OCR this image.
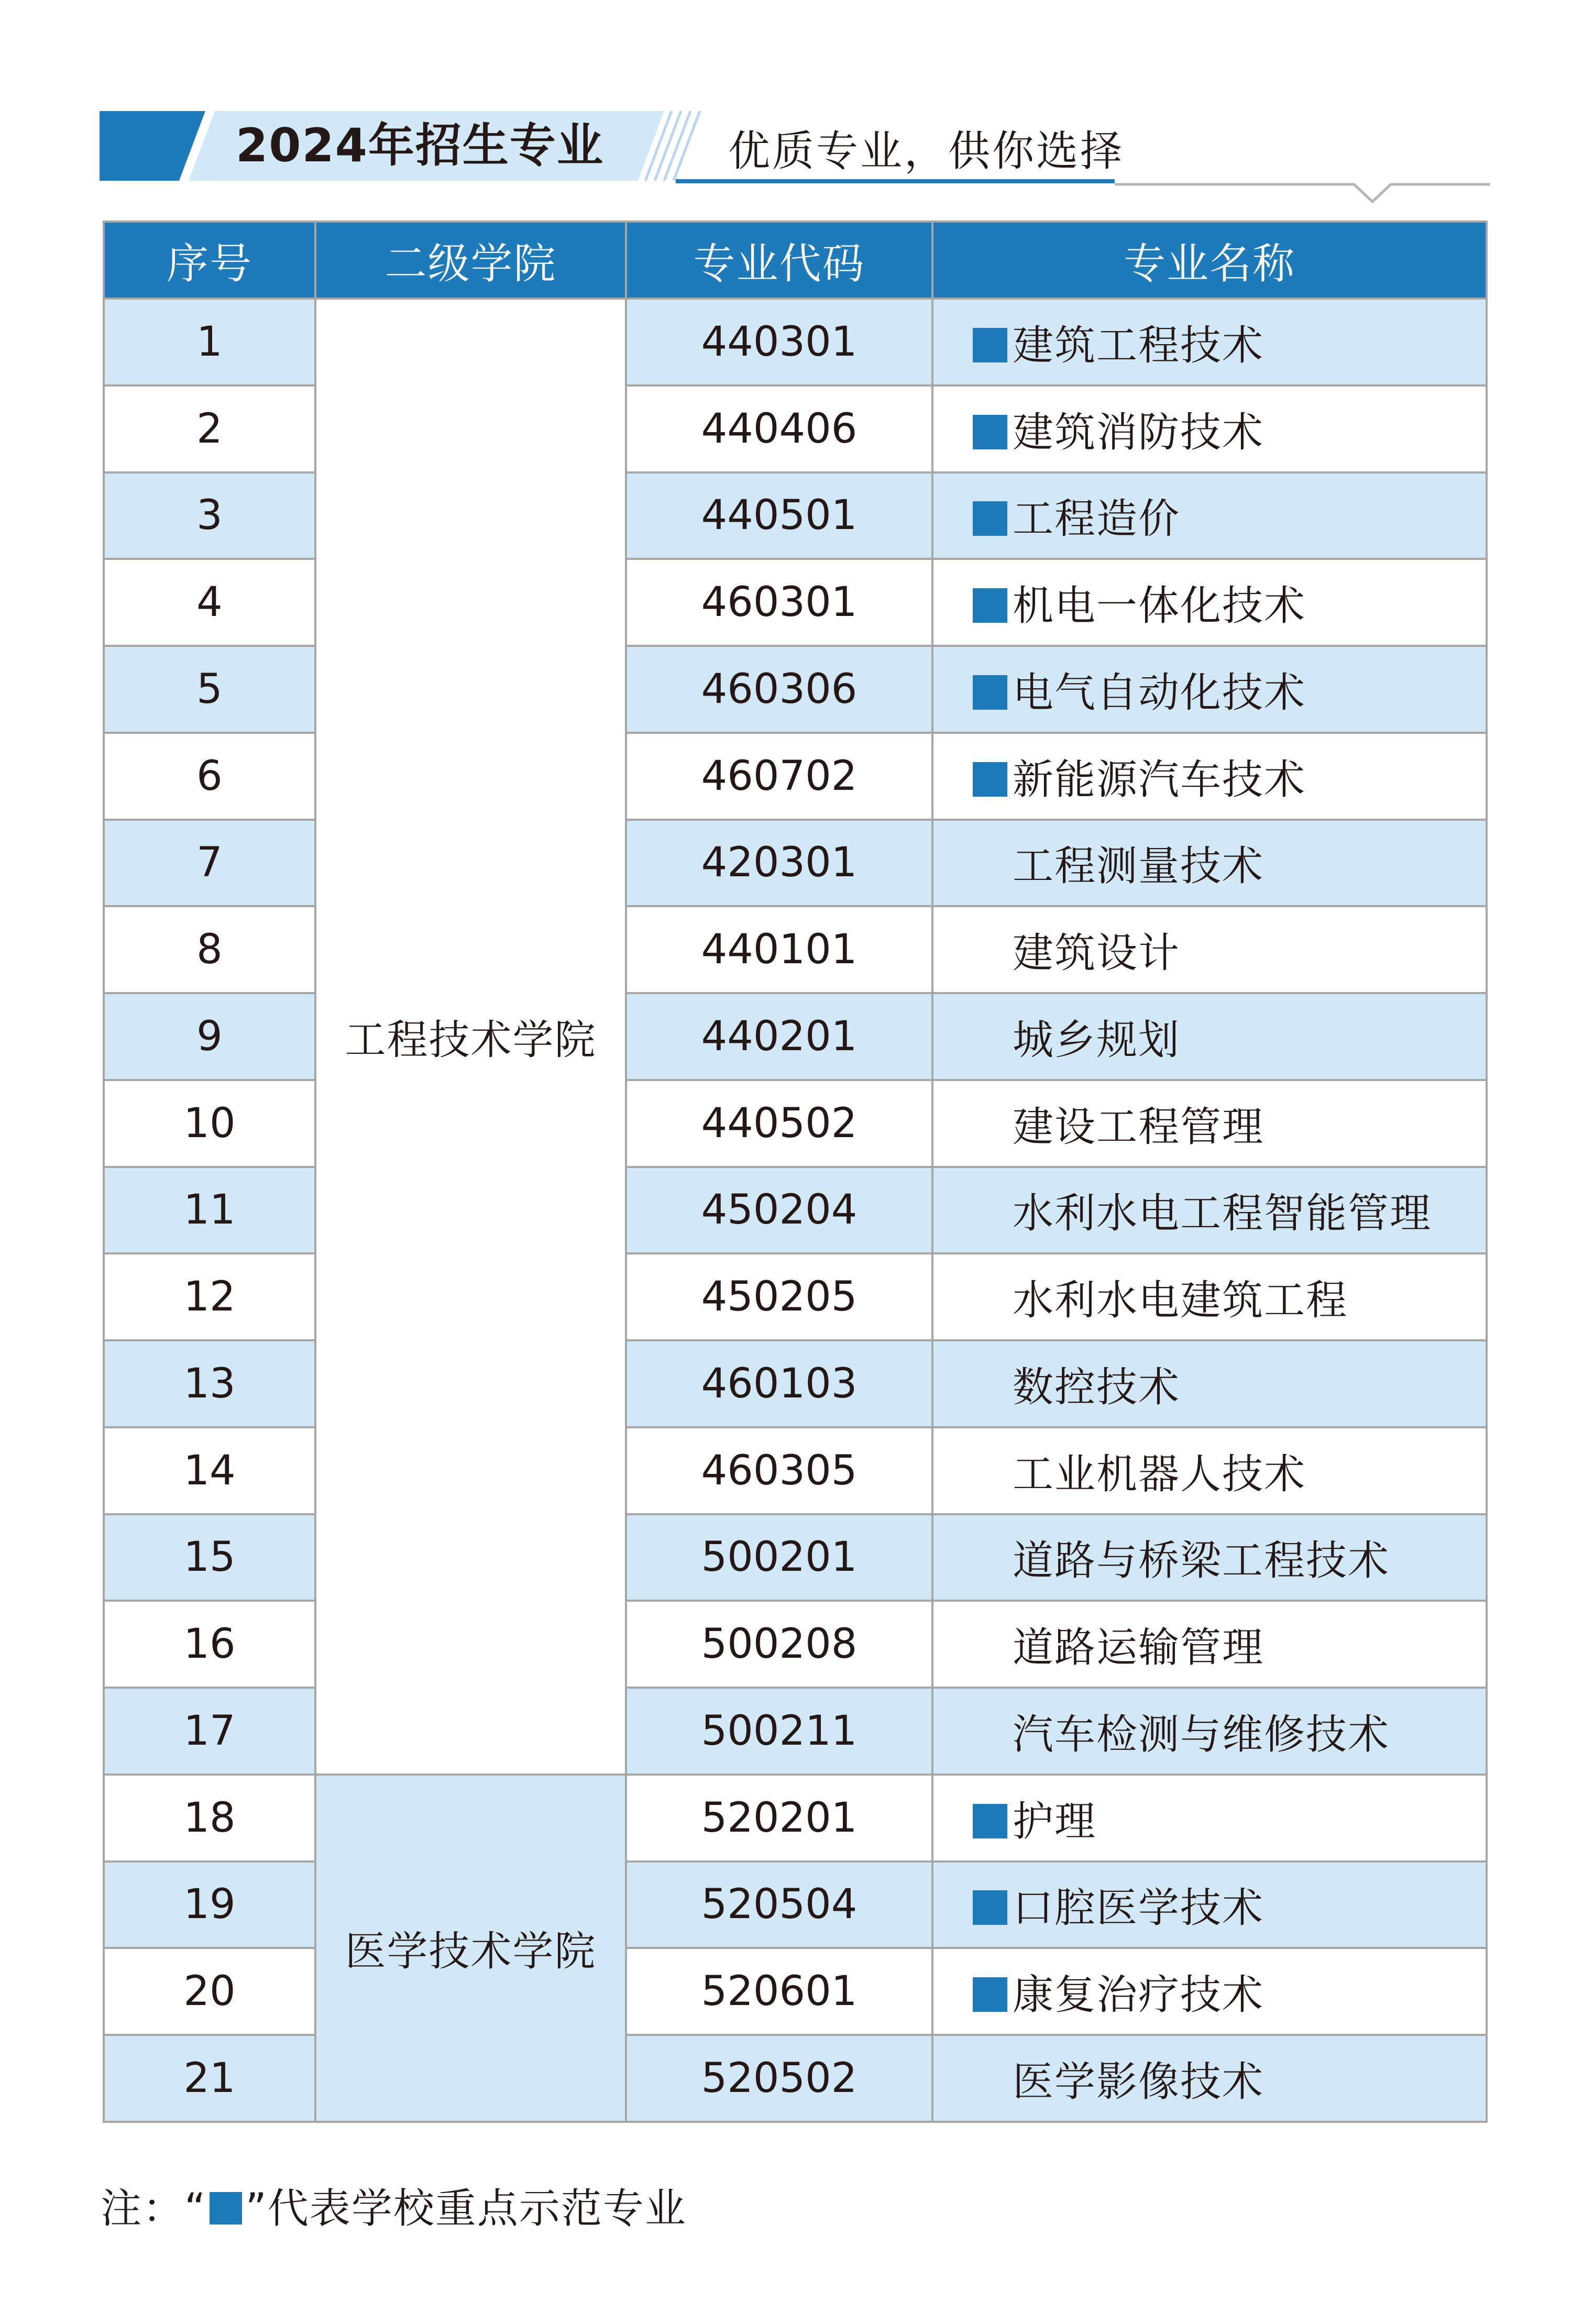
2024年招生专业	优质专业，供你选择
序号	二级学院	专业代码	专业名称
1	工程技术学院	440301	建筑工程技术
2		440406	建筑消防技术
3		440501	工程造价
4		460301	机电一体化技术
5		460306	电气自动化技术
6		460702	新能源汽车技术
7		420301	工程测量技术
8		440101	建筑设计
9		440201	城乡规划
10		440502	建设工程管理
11		450204	水利水电工程智能管理
12		450205	水利水电建筑工程
13		460103	数控技术
14		460305	工业机器人技术
15		500201	道路与桥梁工程技术
16		500208	道路运输管理
17		500211	汽车检测与维修技术
18	医学技术学院	520201	护理
19		520504	口腔医学技术
20		520601	康复治疗技术
21		520502	医学影像技术
注：“ ”代表学校重点示范专业
